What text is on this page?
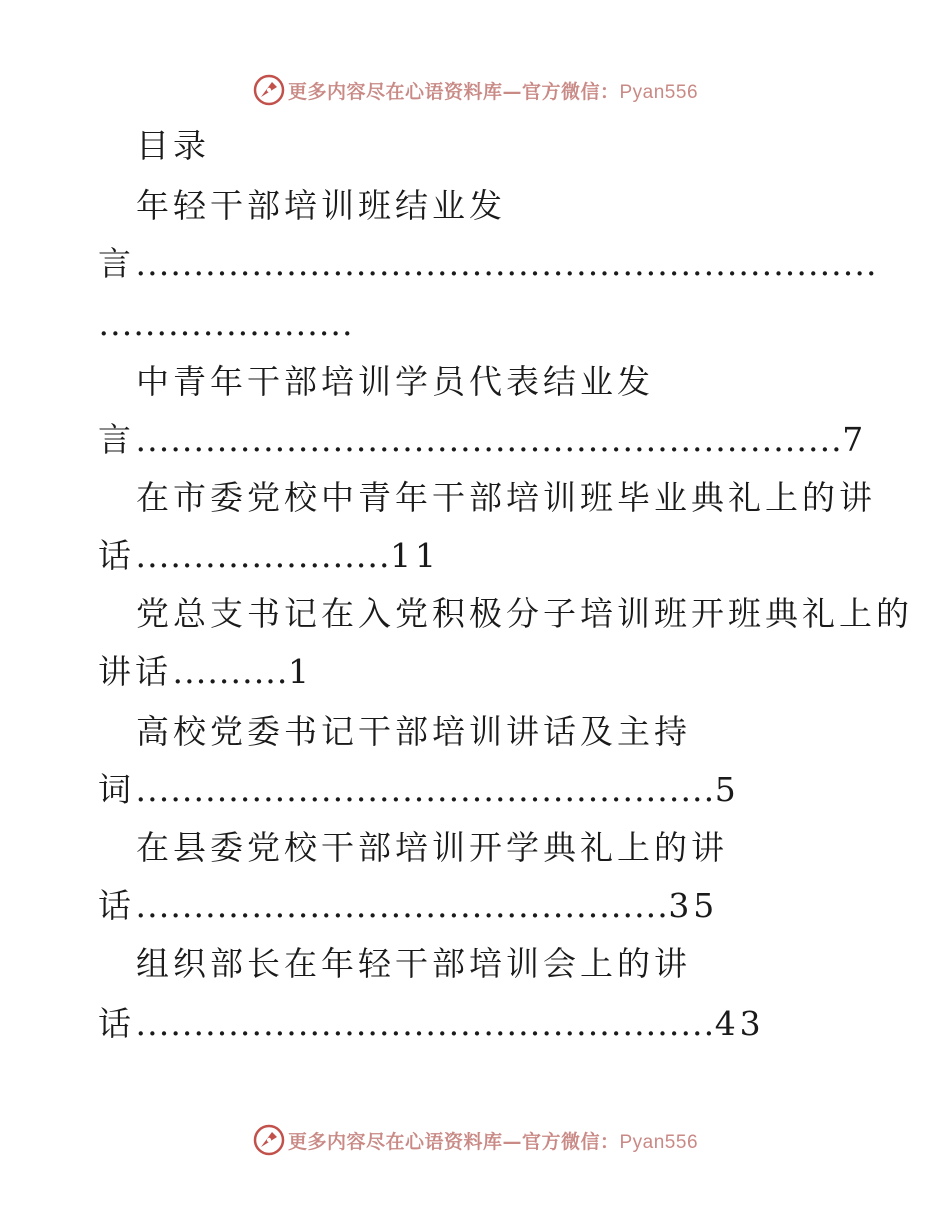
更多内容尽在心语资料库—官方微信：Pyan556
目录
年轻干部培训班结业发
言................................................................
......................
中青年干部培训学员代表结业发
言.............................................................7
在市委党校中青年干部培训班毕业典礼上的讲
话......................11
党总支书记在入党积极分子培训班开班典礼上的
讲话..........1
高校党委书记干部培训讲话及主持
词..................................................5
在县委党校干部培训开学典礼上的讲
话..............................................35
组织部长在年轻干部培训会上的讲
话..................................................43
更多内容尽在心语资料库—官方微信：Pyan556
